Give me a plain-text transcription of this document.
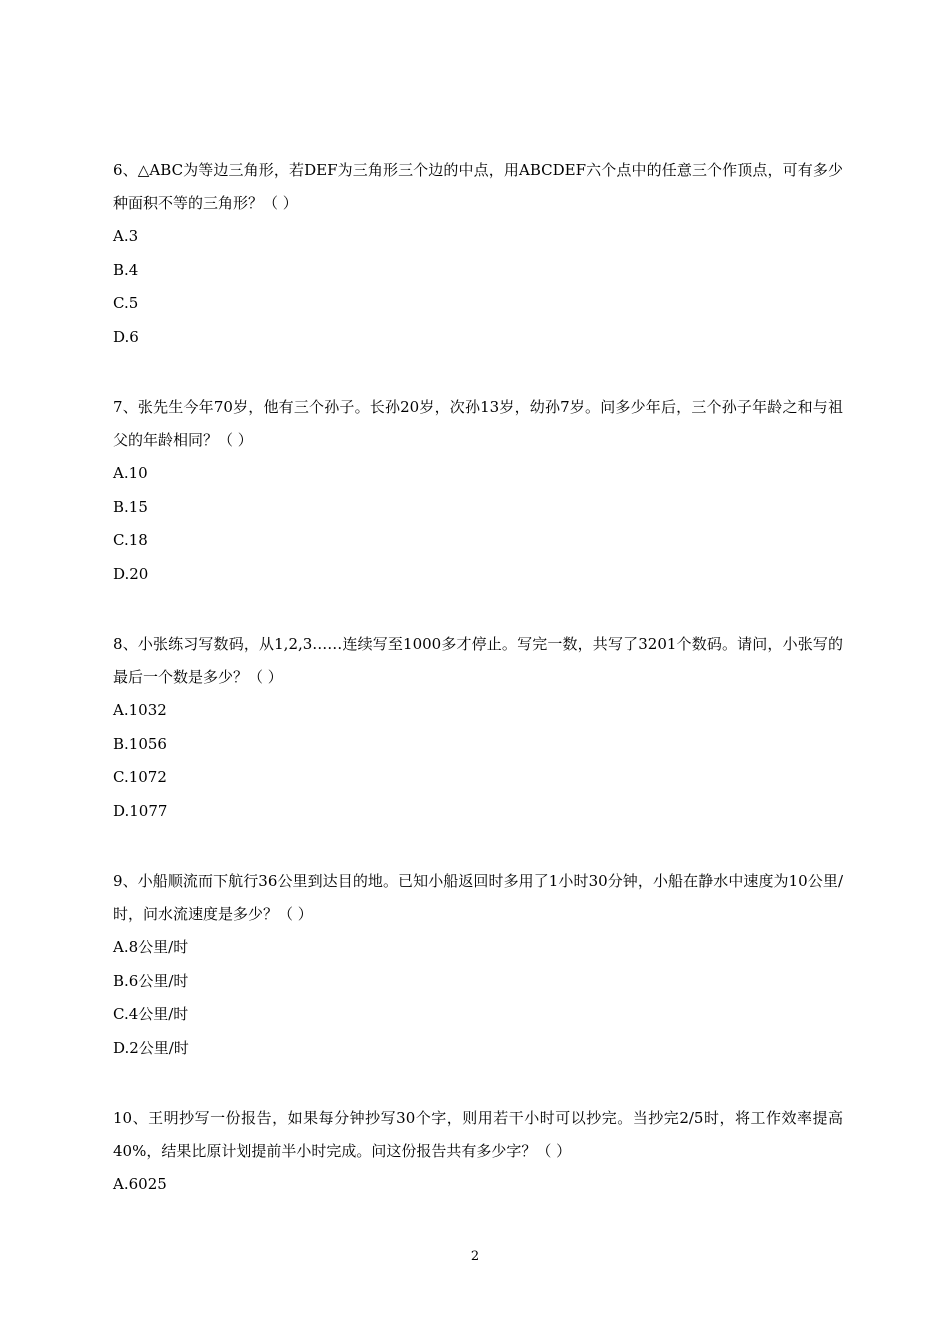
6、△ABC为等边三角形，若DEF为三角形三个边的中点，用ABCDEF六个点中的任意三个作顶点，可有多少种面积不等的三角形？（ ）

A.3
B.4
C.5
D.6

7、张先生今年70岁，他有三个孙子。长孙20岁，次孙13岁，幼孙7岁。问多少年后，三个孙子年龄之和与祖父的年龄相同？（ ）

A.10
B.15
C.18
D.20

8、小张练习写数码，从1,2,3……连续写至1000多才停止。写完一数，共写了3201个数码。请问，小张写的最后一个数是多少？（ ）

A.1032
B.1056
C.1072
D.1077

9、小船顺流而下航行36公里到达目的地。已知小船返回时多用了1小时30分钟，小船在静水中速度为10公里/时，问水流速度是多少？（ ）

A.8公里/时
B.6公里/时
C.4公里/时
D.2公里/时

10、王明抄写一份报告，如果每分钟抄写30个字，则用若干小时可以抄完。当抄完2/5时，将工作效率提高40%，结果比原计划提前半小时完成。问这份报告共有多少字？（ ）

A.6025
2
